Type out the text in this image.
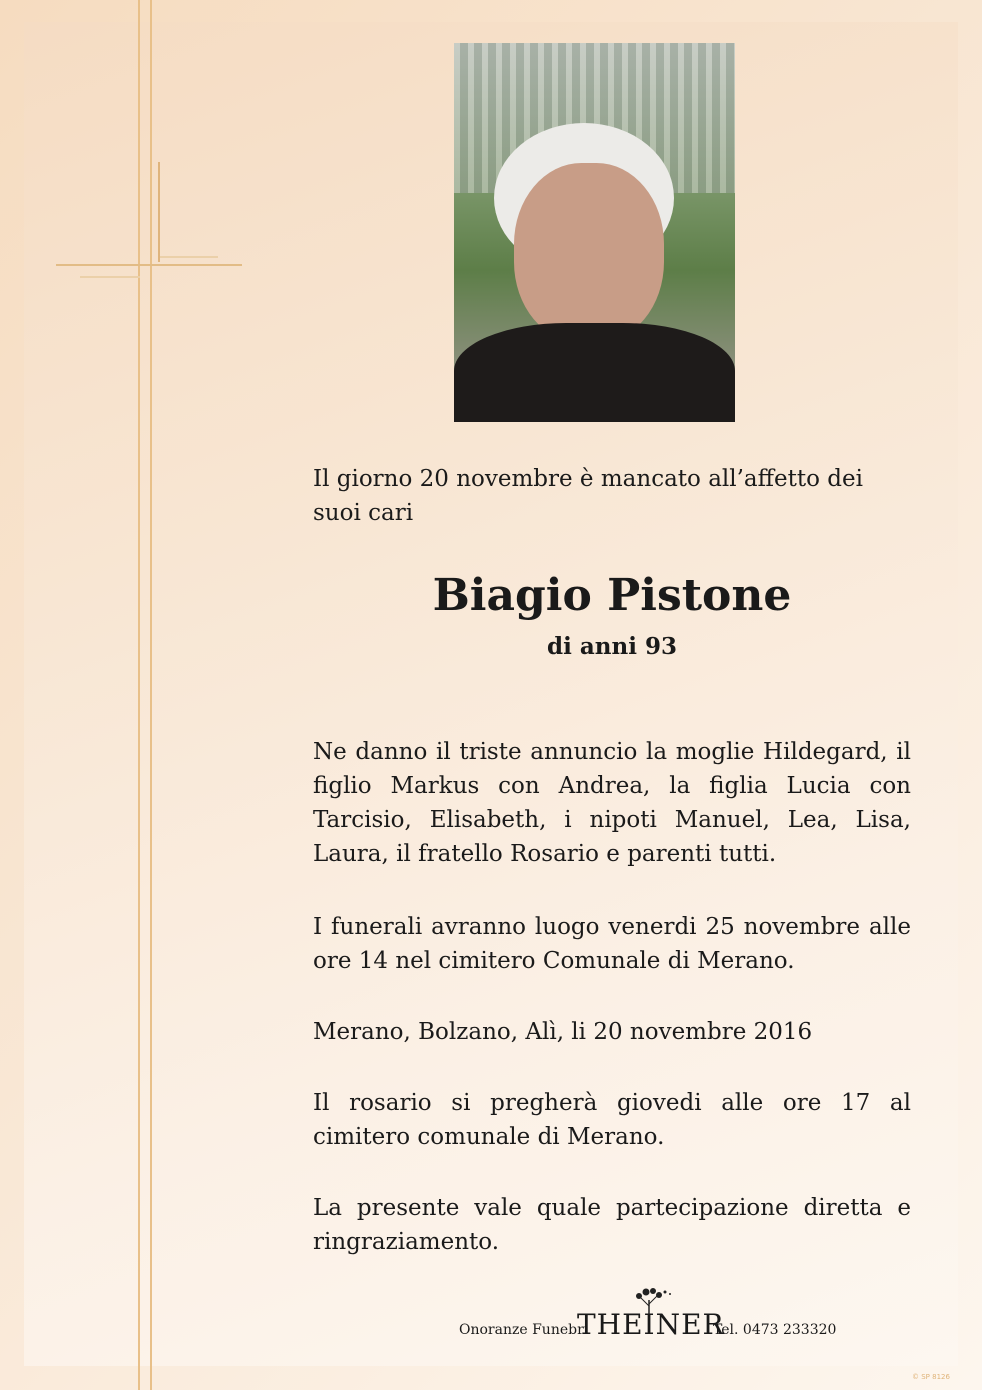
Il giorno 20 novembre è mancato all’affetto dei suoi cari
Biagio Pistone
di anni 93
Ne danno il triste annuncio la moglie Hildegard, il figlio Markus con Andrea, la figlia Lucia con Tarcisio, Elisabeth, i nipoti Manuel, Lea, Lisa, Laura, il fratello Rosario e parenti tutti.
I funerali avranno luogo venerdi 25 novembre alle ore 14 nel cimitero Comunale di Merano.
Merano, Bolzano, Alì, li 20 novembre 2016
Il rosario si pregherà giovedi alle ore 17 al cimitero comunale di Merano.
La presente vale quale partecipazione diretta e ringraziamento.
Onoranze Funebri
THEINER
Tel. 0473 233320
© SP 8126
